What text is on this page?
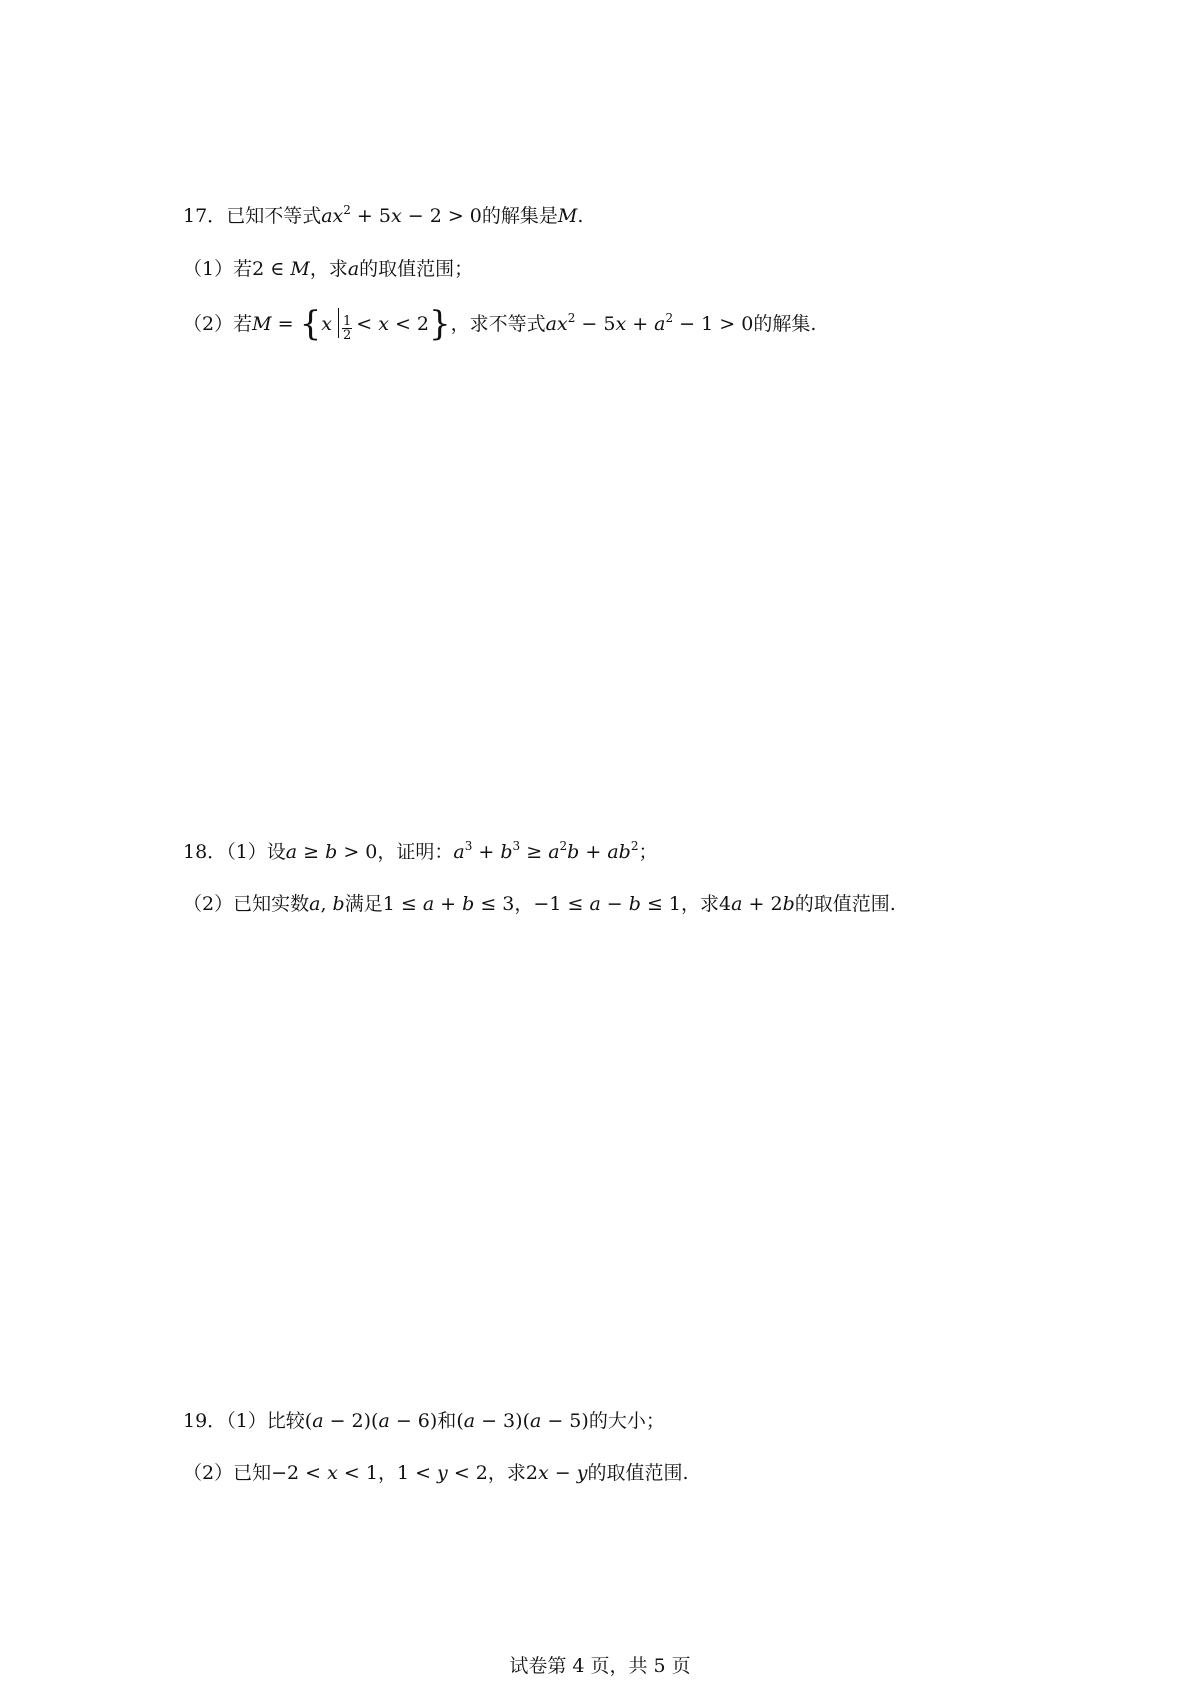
17．已知不等式$ax^2 + 5x - 2 > 0$的解集是M.
（1）若2 ∈ M，求a的取值范围；
（2）若$M = \{x \frac{1}{2} < x < 2\}$，求不等式$ax^2 - 5x + a^2 - 1 > 0$的解集.
18．（1）设a ≥ b > 0，证明：$a^3 + b^3 \ge a^2b + ab^2$；
（2）已知实数a, b满足1 ≤ a + b ≤ 3，−1 ≤ a − b ≤ 1，求4a + 2b的取值范围.
19．（1）比较(a − 2)(a − 6)和(a − 3)(a − 5)的大小；
（2）已知−2 < x < 1，1 < y < 2，求2x − y的取值范围.
试卷第 4 页，共 5 页
